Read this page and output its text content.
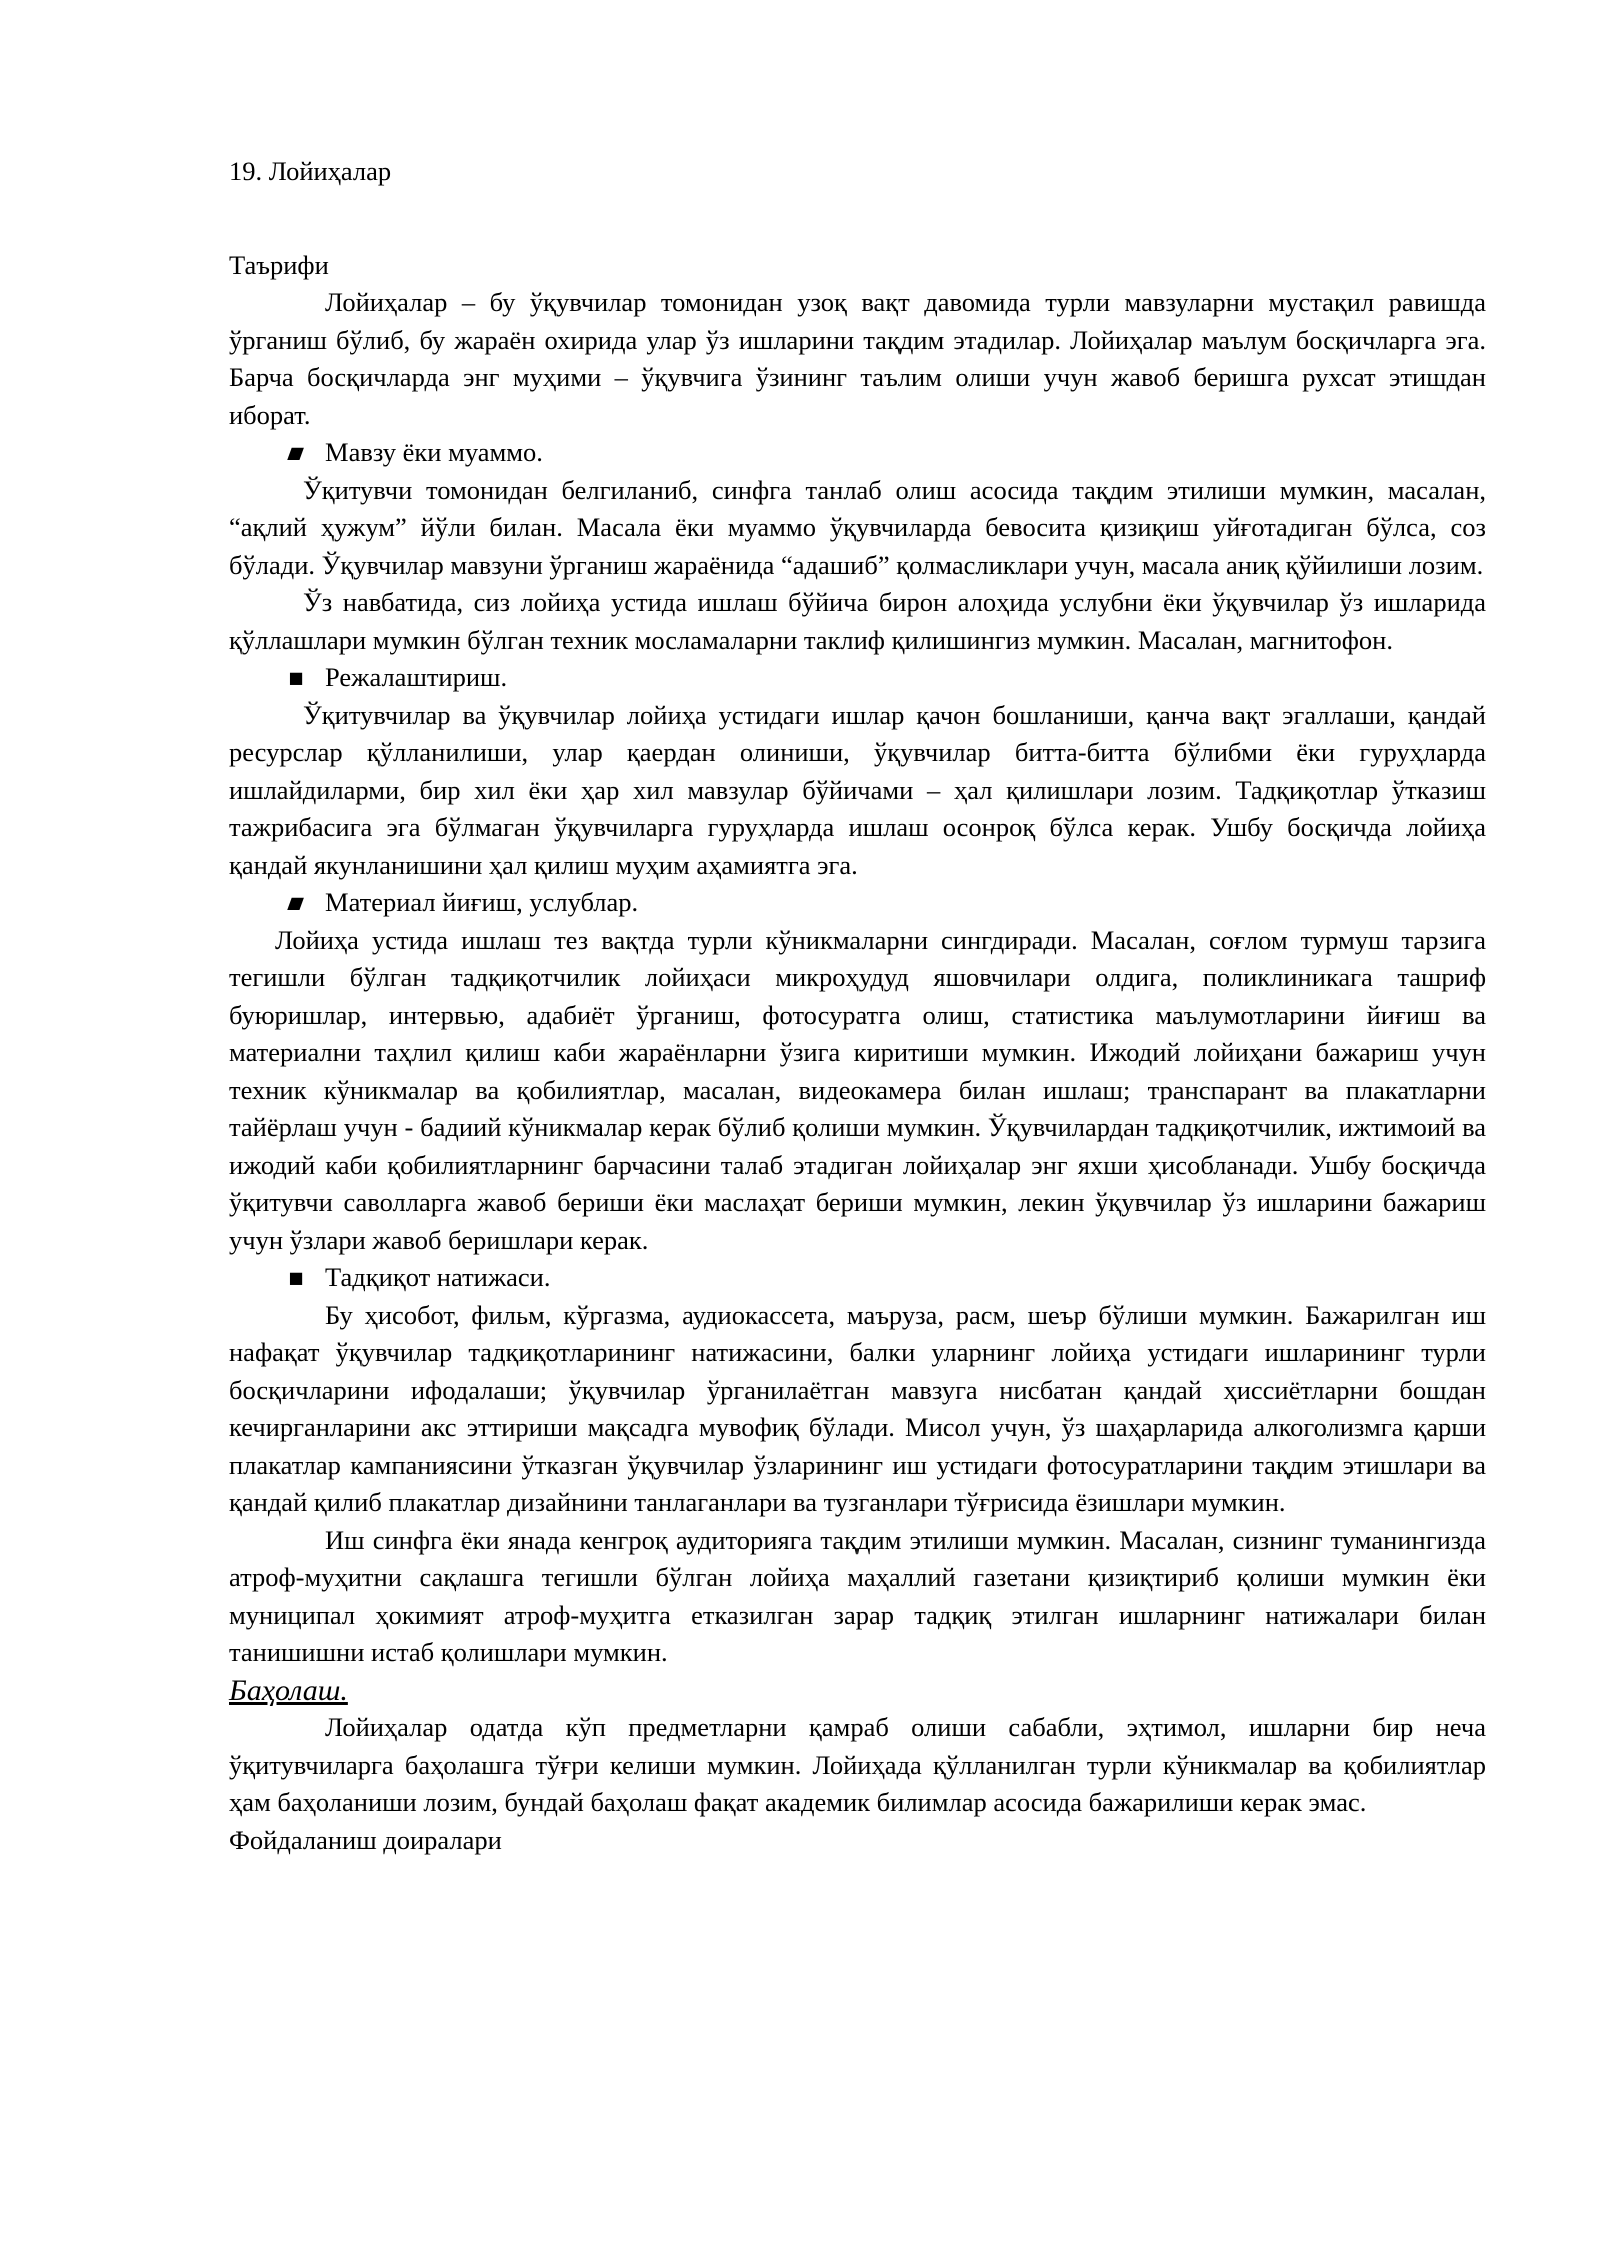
19. Лойиҳалар

Таърифи

Лойиҳалар – бу ўқувчилар томонидан узоқ вақт давомида турли мавзуларни мустақил равишда ўрганиш бўлиб, бу жараён охирида улар ўз ишларини тақдим этадилар. Лойиҳалар маълум босқичларга эга. Барча босқичларда энг муҳими – ўқувчига ўзининг таълим олиши учун жавоб беришга рухсат этишдан иборат.

■ Мавзу ёки муаммо.

Ўқитувчи томонидан белгиланиб, синфга танлаб олиш асосида тақдим этилиши мумкин, масалан, “ақлий ҳужум” йўли билан. Масала ёки муаммо ўқувчиларда бевосита қизиқиш уйғотадиган бўлса, соз бўлади. Ўқувчилар мавзуни ўрганиш жараёнида “адашиб” қолмасликлари учун, масала аниқ қўйилиши лозим.

Ўз навбатида, сиз лойиҳа устида ишлаш бўйича бирон алоҳида услубни ёки ўқувчилар ўз ишларида қўллашлари мумкин бўлган техник мосламаларни таклиф қилишингиз мумкин. Масалан, магнитофон.

■ Режалаштириш.

Ўқитувчилар ва ўқувчилар лойиҳа устидаги ишлар қачон бошланиши, қанча вақт эгаллаши, қандай ресурслар қўлланилиши, улар қаердан олиниши, ўқувчилар битта-битта бўлибми ёки гуруҳларда ишлайдиларми, бир хил ёки ҳар хил мавзулар бўйичами – ҳал қилишлари лозим. Тадқиқотлар ўтказиш тажрибасига эга бўлмаган ўқувчиларга гуруҳларда ишлаш осонроқ бўлса керак. Ушбу босқичда лойиҳа қандай якунланишини ҳал қилиш муҳим аҳамиятга эга.

■ Материал йиғиш, услублар.

Лойиҳа устида ишлаш тез вақтда турли кўникмаларни сингдиради. Масалан, соғлом турмуш тарзига тегишли бўлган тадқиқотчилик лойиҳаси микроҳудуд яшовчилари олдига, поликлиникага ташриф буюришлар, интервью, адабиёт ўрганиш, фотосуратга олиш, статистика маълумотларини йиғиш ва материални таҳлил қилиш каби жараёнларни ўзига киритиши мумкин. Ижодий лойиҳани бажариш учун техник кўникмалар ва қобилиятлар, масалан, видеокамера билан ишлаш; транспарант ва плакатларни тайёрлаш учун - бадиий кўникмалар керак бўлиб қолиши мумкин. Ўқувчилардан тадқиқотчилик, ижтимоий ва ижодий каби қобилиятларнинг барчасини талаб этадиган лойиҳалар энг яхши ҳисобланади. Ушбу босқичда ўқитувчи саволларга жавоб бериши ёки маслаҳат бериши мумкин, лекин ўқувчилар ўз ишларини бажариш учун ўзлари жавоб беришлари керак.

■ Тадқиқот натижаси.

Бу ҳисобот, фильм, кўргазма, аудиокассета, маъруза, расм, шеър бўлиши мумкин. Бажарилган иш нафақат ўқувчилар тадқиқотларининг натижасини, балки уларнинг лойиҳа устидаги ишларининг турли босқичларини ифодалаши; ўқувчилар ўрганилаётган мавзуга нисбатан қандай ҳиссиётларни бошдан кечирганларини акс эттириши мақсадга мувофиқ бўлади. Мисол учун, ўз шаҳарларида алкоголизмга қарши плакатлар кампаниясини ўтказган ўқувчилар ўзларининг иш устидаги фотосуратларини тақдим этишлари ва қандай қилиб плакатлар дизайнини танлаганлари ва тузганлари тўғрисида ёзишлари мумкин.

Иш синфга ёки янада кенгроқ аудиторияга тақдим этилиши мумкин. Масалан, сизнинг туманингизда атроф-муҳитни сақлашга тегишли бўлган лойиҳа маҳаллий газетани қизиқтириб қолиши мумкин ёки муниципал ҳокимият атроф-муҳитга етказилган зарар тадқиқ этилган ишларнинг натижалари билан танишишни истаб қолишлари мумкин.

Баҳолаш.

Лойиҳалар одатда кўп предметларни қамраб олиши сабабли, эҳтимол, ишларни бир неча ўқитувчиларга баҳолашга тўғри келиши мумкин. Лойиҳада қўлланилган турли кўникмалар ва қобилиятлар ҳам баҳоланиши лозим, бундай баҳолаш фақат академик билимлар асосида бажарилиши керак эмас.

Фойдаланиш доиралари
